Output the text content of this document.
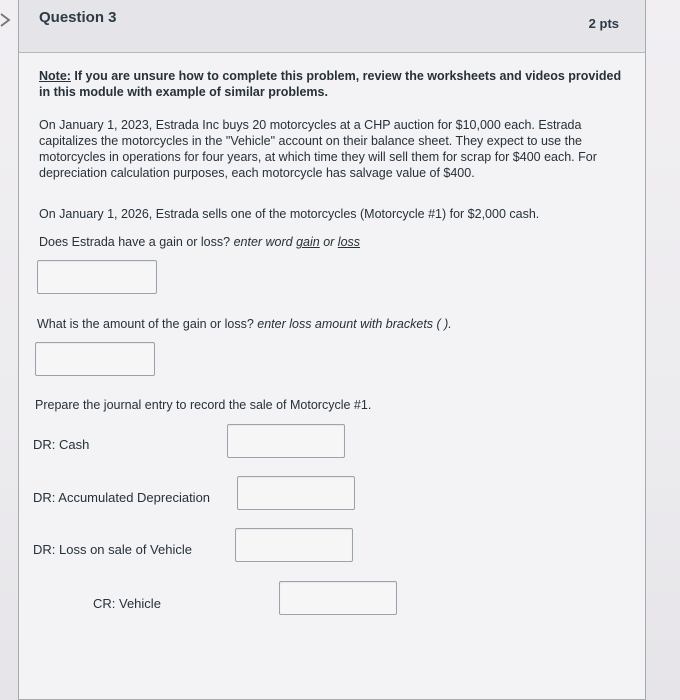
Question 3	2 pts
Note: If you are unsure how to complete this problem, review the worksheets and videos provided in this module with example of similar problems.
On January 1, 2023, Estrada Inc buys 20 motorcycles at a CHP auction for $10,000 each. Estrada capitalizes the motorcycles in the "Vehicle" account on their balance sheet. They expect to use the motorcycles in operations for four years, at which time they will sell them for scrap for $400 each. For depreciation calculation purposes, each motorcycle has salvage value of $400.
On January 1, 2026, Estrada sells one of the motorcycles (Motorcycle #1) for $2,000 cash.
Does Estrada have a gain or loss? enter word gain or loss
What is the amount of the gain or loss? enter loss amount with brackets ( ).
Prepare the journal entry to record the sale of Motorcycle #1.
DR: Cash
DR: Accumulated Depreciation
DR: Loss on sale of Vehicle
CR: Vehicle
